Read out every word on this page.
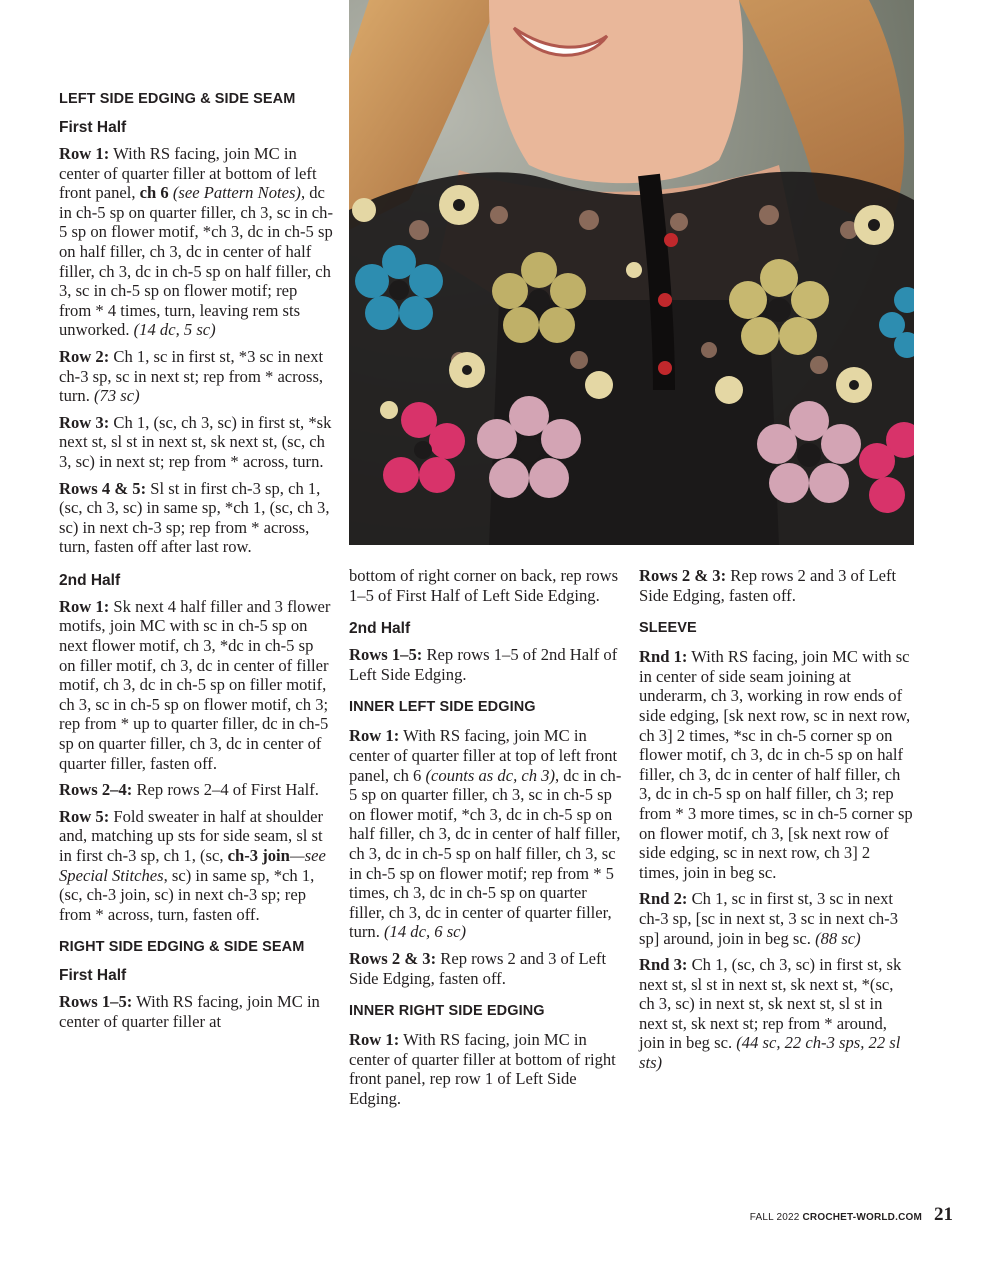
LEFT SIDE EDGING & SIDE SEAM
First Half

Row 1: With RS facing, join MC in center of quarter filler at bottom of left front panel, ch 6 (see Pattern Notes), dc in ch-5 sp on quarter filler, ch 3, sc in ch-5 sp on flower motif, *ch 3, dc in ch-5 sp on half filler, ch 3, dc in center of half filler, ch 3, dc in ch-5 sp on half filler, ch 3, sc in ch-5 sp on flower motif; rep from * 4 times, turn, leaving rem sts unworked. (14 dc, 5 sc)

Row 2: Ch 1, sc in first st, *3 sc in next ch-3 sp, sc in next st; rep from * across, turn. (73 sc)

Row 3: Ch 1, (sc, ch 3, sc) in first st, *sk next st, sl st in next st, sk next st, (sc, ch 3, sc) in next st; rep from * across, turn.

Rows 4 & 5: Sl st in first ch-3 sp, ch 1, (sc, ch 3, sc) in same sp, *ch 1, (sc, ch 3, sc) in next ch-3 sp; rep from * across, turn, fasten off after last row.

2nd Half

Row 1: Sk next 4 half filler and 3 flower motifs, join MC with sc in ch-5 sp on next flower motif, ch 3, *dc in ch-5 sp on filler motif, ch 3, dc in center of filler motif, ch 3, dc in ch-5 sp on filler motif, ch 3, sc in ch-5 sp on flower motif, ch 3; rep from * up to quarter filler, dc in ch-5 sp on quarter filler, ch 3, dc in center of quarter filler, fasten off.

Rows 2–4: Rep rows 2–4 of First Half.

Row 5: Fold sweater in half at shoulder and, matching up sts for side seam, sl st in first ch-3 sp, ch 1, (sc, ch-3 join—see Special Stitches, sc) in same sp, *ch 1, (sc, ch-3 join, sc) in next ch-3 sp; rep from * across, turn, fasten off.

RIGHT SIDE EDGING & SIDE SEAM
First Half

Rows 1–5: With RS facing, join MC in center of quarter filler at

bottom of right corner on back, rep rows 1–5 of First Half of Left Side Edging.

2nd Half

Rows 1–5: Rep rows 1–5 of 2nd Half of Left Side Edging.

INNER LEFT SIDE EDGING

Row 1: With RS facing, join MC in center of quarter filler at top of left front panel, ch 6 (counts as dc, ch 3), dc in ch-5 sp on quarter filler, ch 3, sc in ch-5 sp on flower motif, *ch 3, dc in ch-5 sp on half filler, ch 3, dc in center of half filler, ch 3, dc in ch-5 sp on half filler, ch 3, sc in ch-5 sp on flower motif; rep from * 5 times, ch 3, dc in ch-5 sp on quarter filler, ch 3, dc in center of quarter filler, turn. (14 dc, 6 sc)

Rows 2 & 3: Rep rows 2 and 3 of Left Side Edging, fasten off.

INNER RIGHT SIDE EDGING

Row 1: With RS facing, join MC in center of quarter filler at bottom of right front panel, rep row 1 of Left Side Edging.

Rows 2 & 3: Rep rows 2 and 3 of Left Side Edging, fasten off.

SLEEVE

Rnd 1: With RS facing, join MC with sc in center of side seam joining at underarm, ch 3, working in row ends of side edging, [sk next row, sc in next row, ch 3] 2 times, *sc in ch-5 corner sp on flower motif, ch 3, dc in ch-5 sp on half filler, ch 3, dc in center of half filler, ch 3, dc in ch-5 sp on half filler, ch 3; rep from * 3 more times, sc in ch-5 corner sp on flower motif, ch 3, [sk next row of side edging, sc in next row, ch 3] 2 times, join in beg sc.

Rnd 2: Ch 1, sc in first st, 3 sc in next ch-3 sp, [sc in next st, 3 sc in next ch-3 sp] around, join in beg sc. (88 sc)

Rnd 3: Ch 1, (sc, ch 3, sc) in first st, sk next st, sl st in next st, sk next st, *(sc, ch 3, sc) in next st, sk next st, sl st in next st, sk next st; rep from * around, join in beg sc. (44 sc, 22 ch-3 sps, 22 sl sts)

FALL 2022 CROCHET-WORLD.COM 21
